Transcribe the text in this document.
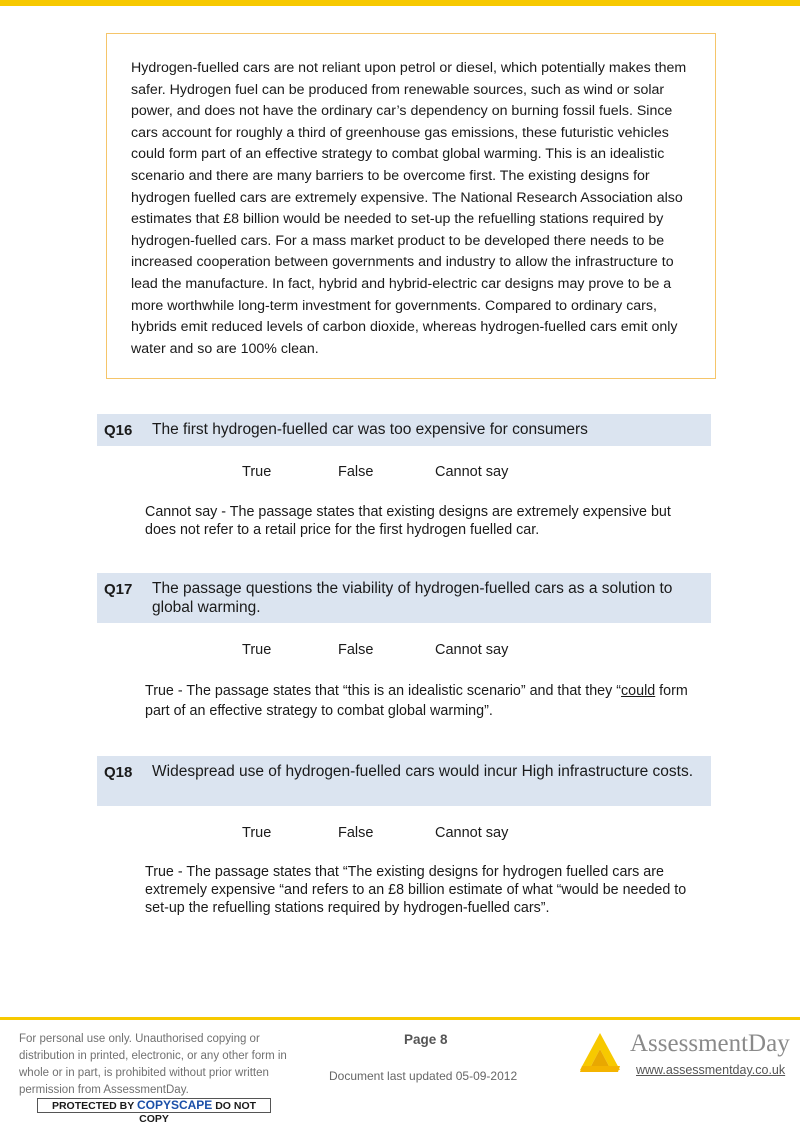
Hydrogen-fuelled cars are not reliant upon petrol or diesel, which potentially makes them safer. Hydrogen fuel can be produced from renewable sources, such as wind or solar power, and does not have the ordinary car’s dependency on burning fossil fuels. Since cars account for roughly a third of greenhouse gas emissions, these futuristic vehicles could form part of an effective strategy to combat global warming. This is an idealistic scenario and there are many barriers to be overcome first. The existing designs for hydrogen fuelled cars are extremely expensive. The National Research Association also estimates that £8 billion would be needed to set-up the refuelling stations required by hydrogen-fuelled cars. For a mass market product to be developed there needs to be increased cooperation between governments and industry to allow the infrastructure to lead the manufacture. In fact, hybrid and hybrid-electric car designs may prove to be a more worthwhile long-term investment for governments. Compared to ordinary cars, hybrids emit reduced levels of carbon dioxide, whereas hydrogen-fuelled cars emit only water and so are 100% clean.

Q16 The first hydrogen-fuelled car was too expensive for consumers
True	False	Cannot say

Cannot say - The passage states that existing designs are extremely expensive but does not refer to a retail price for the first hydrogen fuelled car.

Q17 The passage questions the viability of hydrogen-fuelled cars as a solution to global warming.
True	False	Cannot say

True - The passage states that “this is an idealistic scenario” and that they “could form part of an effective strategy to combat global warming”.

Q18 Widespread use of hydrogen-fuelled cars would incur High infrastructure costs.
True	False	Cannot say

True - The passage states that “The existing designs for hydrogen fuelled cars are extremely expensive “and refers to an £8 billion estimate of what “would be needed to set-up the refuelling stations required by hydrogen-fuelled cars”.

For personal use only. Unauthorised copying or distribution in printed, electronic, or any other form in whole or in part, is prohibited without prior written permission from AssessmentDay.

PROTECTED BY COPYSCAPE DO NOT COPY
Page 8
Document last updated 05-09-2012
AssessmentDay
www.assessmentday.co.uk
